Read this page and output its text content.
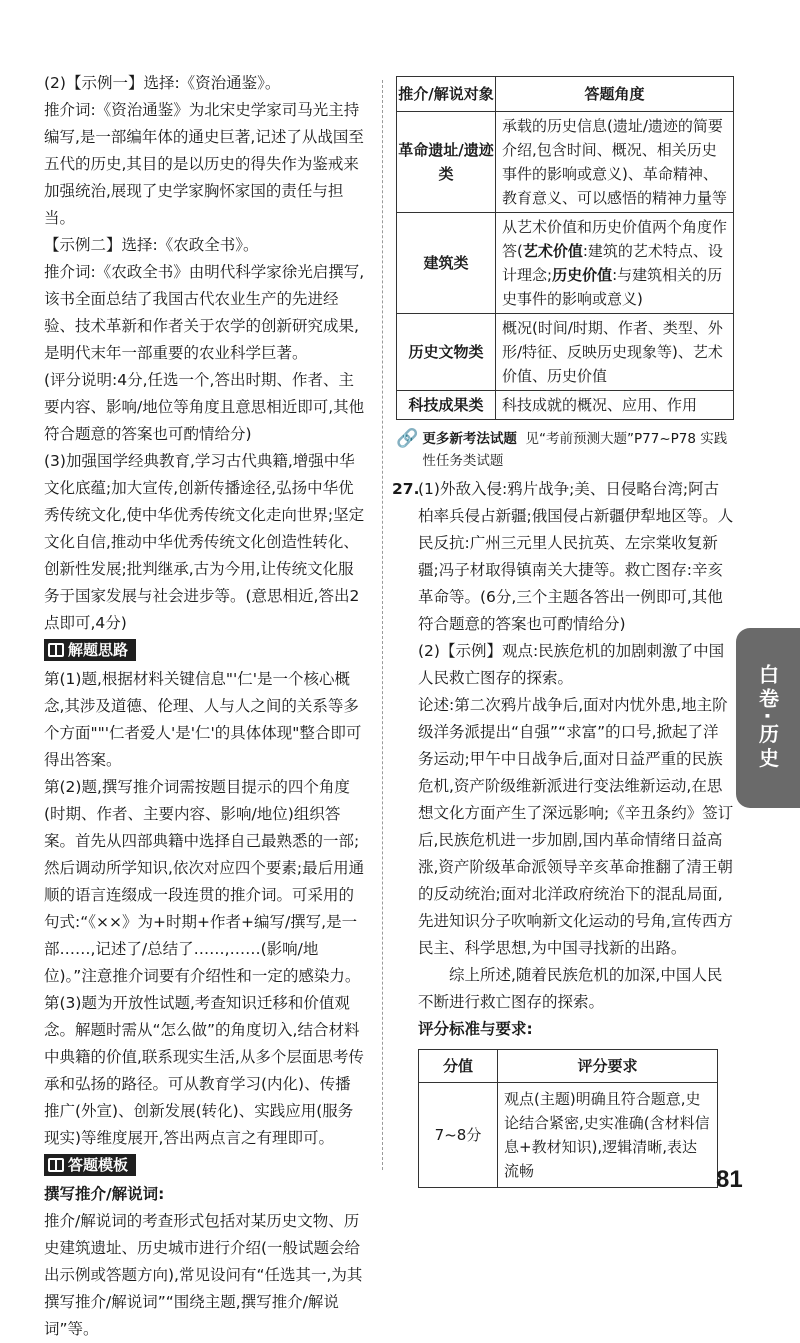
(2)【示例一】选择:《资治通鉴》。

推介词:《资治通鉴》为北宋史学家司马光主持编写,是一部编年体的通史巨著,记述了从战国至五代的历史,其目的是以历史的得失作为鉴戒来加强统治,展现了史学家胸怀家国的责任与担当。

【示例二】选择:《农政全书》。

推介词:《农政全书》由明代科学家徐光启撰写,该书全面总结了我国古代农业生产的先进经验、技术革新和作者关于农学的创新研究成果,是明代末年一部重要的农业科学巨著。

(评分说明:4分,任选一个,答出时期、作者、主要内容、影响/地位等角度且意思相近即可,其他符合题意的答案也可酌情给分)

(3)加强国学经典教育,学习古代典籍,增强中华文化底蕴;加大宣传,创新传播途径,弘扬中华优秀传统文化,使中华优秀传统文化走向世界;坚定文化自信,推动中华优秀传统文化创造性转化、创新性发展;批判继承,古为今用,让传统文化服务于国家发展与社会进步等。(意思相近,答出2点即可,4分)

解题思路

第(1)题,根据材料关键信息"'仁'是一个核心概念,其涉及道德、伦理、人与人之间的关系等多个方面""'仁者爱人'是'仁'的具体体现"整合即可得出答案。

第(2)题,撰写推介词需按题目提示的四个角度(时期、作者、主要内容、影响/地位)组织答案。首先从四部典籍中选择自己最熟悉的一部;然后调动所学知识,依次对应四个要素;最后用通顺的语言连缀成一段连贯的推介词。可采用的句式:“《××》为+时期+作者+编写/撰写,是一部……,记述了/总结了……,……(影响/地位)。”注意推介词要有介绍性和一定的感染力。

第(3)题为开放性试题,考查知识迁移和价值观念。解题时需从“怎么做”的角度切入,结合材料中典籍的价值,联系现实生活,从多个层面思考传承和弘扬的路径。可从教育学习(内化)、传播推广(外宣)、创新发展(转化)、实践应用(服务现实)等维度展开,答出两点言之有理即可。

答题模板

撰写推介/解说词:

推介/解说词的考查形式包括对某历史文物、历史建筑遗址、历史城市进行介绍(一般试题会给出示例或答题方向),常见设问有“任选其一,为其撰写推介/解说词”“围绕主题,撰写推介/解说词”等。

推介/解说对象	答题角度
革命遗址/遗迹类	承载的历史信息(遗址/遗迹的简要介绍,包含时间、概况、相关历史事件的影响或意义)、革命精神、教育意义、可以感悟的精神力量等
建筑类	从艺术价值和历史价值两个角度作答(艺术价值:建筑的艺术特点、设计理念;历史价值:与建筑相关的历史事件的影响或意义)
历史文物类	概况(时间/时期、作者、类型、外形/特征、反映历史现象等)、艺术价值、历史价值
科技成果类	科技成就的概况、应用、作用
🔗 更多新考法试题 见“考前预测大题”P77~P78 实践性任务类试题
27.

(1)外敌入侵:鸦片战争;美、日侵略台湾;阿古柏率兵侵占新疆;俄国侵占新疆伊犁地区等。人民反抗:广州三元里人民抗英、左宗棠收复新疆;冯子材取得镇南关大捷等。救亡图存:辛亥革命等。(6分,三个主题各答出一例即可,其他符合题意的答案也可酌情给分)

(2)【示例】观点:民族危机的加剧刺激了中国人民救亡图存的探索。

论述:第二次鸦片战争后,面对内忧外患,地主阶级洋务派提出“自强”“求富”的口号,掀起了洋务运动;甲午中日战争后,面对日益严重的民族危机,资产阶级维新派进行变法维新运动,在思想文化方面产生了深远影响;《辛丑条约》签订后,民族危机进一步加剧,国内革命情绪日益高涨,资产阶级革命派领导辛亥革命推翻了清王朝的反动统治;面对北洋政府统治下的混乱局面,先进知识分子吹响新文化运动的号角,宣传西方民主、科学思想,为中国寻找新的出路。

综上所述,随着民族危机的加深,中国人民不断进行救亡图存的探索。

评分标准与要求:

分值	评分要求
7~8分	观点(主题)明确且符合题意,史论结合紧密,史实准确(含材料信息+教材知识),逻辑清晰,表达流畅
白卷·历史
81
